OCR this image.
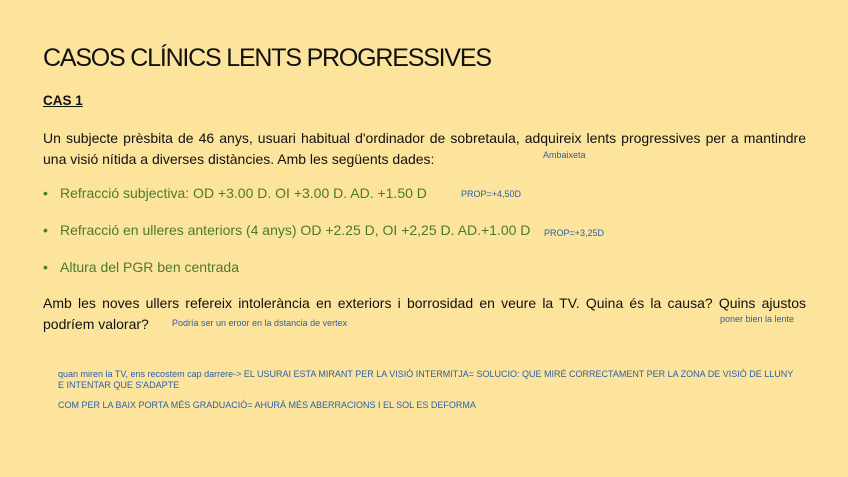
CASOS CLÍNICS LENTS PROGRESSIVES
CAS 1
Un subjecte prèsbita de 46 anys, usuari habitual d'ordinador de sobretaula, adquireix lents progressives per a mantindre una visió nítida a diverses distàncies. Amb les següents dades:
• Refracció subjectiva: OD +3.00 D. OI +3.00 D. AD. +1.50 D
• Refracció en ulleres anteriors (4 anys) OD +2.25 D, OI +2,25 D. AD.+1.00 D
• Altura del PGR ben centrada
Amb les noves ullers refereix intolerància en exteriors i borrosidad en veure la TV. Quina és la causa? Quins ajustos podríem valorar?
Ambaixeta
PROP=+4,50D
PROP=+3,25D
poner bien la lente
Podría ser un eroor en la dstancia de vertex
quan miren la TV, ens recostem cap darrere-> EL USURAI ESTA MIRANT PER LA VISIÓ INTERMITJA= SOLUCIO: QUE MIRÉ CORRECTAMENT PER LA ZONA DE VISIÓ DE LLUNY E INTENTAR QUE S'ADAPTE
COM PER LA BAIX PORTA MÉS GRADUACIÓ= AHURÁ MÉS ABERRACIONS I EL SOL ES DEFORMA
